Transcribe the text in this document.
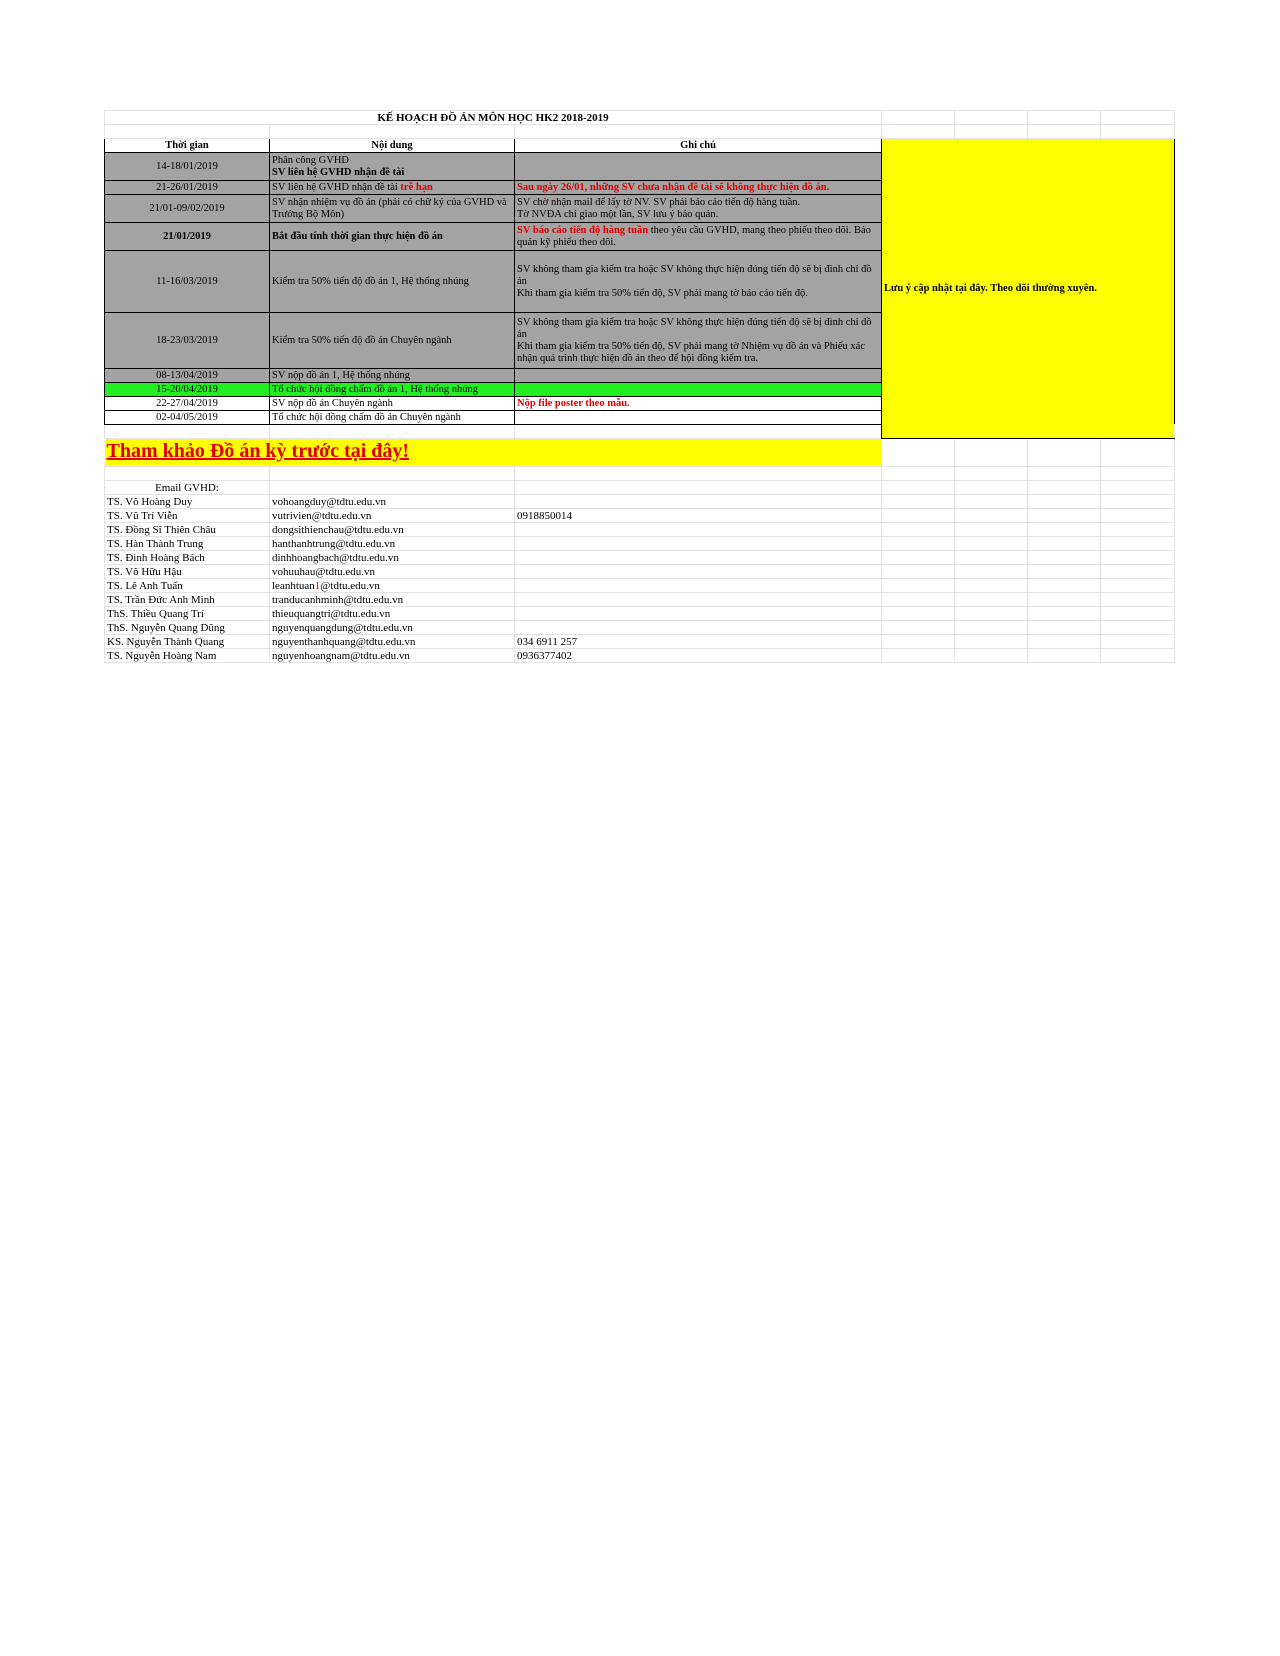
KẾ HOẠCH ĐỒ ÁN MÔN HỌC HK2 2018-2019							

Thời gian	Nội dung	Ghi chú	Lưu ý cập nhật tại đây. Theo dõi thường xuyên.				
14-18/01/2019	Phân công GVHD
SV liên hệ GVHD nhận đề tài						

21-26/01/2019	SV liên hệ GVHD nhận đề tài trễ hạn	Sau ngày 26/01, những SV chưa nhận đề tài sẽ không thực hiện đồ án.					
21/01-09/02/2019	SV nhận nhiệm vụ đồ án (phải có chữ ký của GVHD và Trưởng Bộ Môn)	SV chờ nhận mail để lấy tờ NV. SV phải báo cáo tiến độ hàng tuần.
Tờ NVĐA chỉ giao một lần, SV lưu ý bảo quản.					

21/01/2019	Bắt đầu tính thời gian thực hiện đồ án	SV báo cáo tiến độ hàng tuần theo yêu cầu GVHD, mang theo phiếu theo dõi. Bảo quản kỹ phiếu theo dõi.					
11-16/03/2019	Kiểm tra 50% tiến độ đồ án 1, Hệ thống nhúng	SV không tham gia kiểm tra hoặc SV không thực hiện đúng tiến độ sẽ bị đình chỉ đồ án
Khi tham gia kiểm tra 50% tiến độ, SV phải mang tờ báo cáo tiến độ.					

18-23/03/2019	Kiểm tra 50% tiến độ đồ án Chuyên ngành	SV không tham gia kiểm tra hoặc SV không thực hiện đúng tiến độ sẽ bị đình chỉ đồ án
Khi tham gia kiểm tra 50% tiến độ, SV phải mang tờ Nhiệm vụ đồ án và Phiếu xác nhận quá trình thực hiện đồ án theo để hội đồng kiểm tra.					

08-13/04/2019	SV nộp đồ án 1, Hệ thống nhúng						
15-20/04/2019	Tổ chức hội đồng chấm đồ án 1, Hệ thống nhúng						
22-27/04/2019	SV nộp đồ án Chuyên ngành	Nộp file poster theo mẫu.					
02-04/05/2019	Tổ chức hội đồng chấm đồ án Chuyên ngành						

Tham khảo Đồ án kỳ trước tại đây!							

Email GVHD:							
TS. Võ Hoàng Duy	vohoangduy@tdtu.edu.vn						
TS. Vũ Trí Viễn	vutrivien@tdtu.edu.vn	0918850014					
TS. Đồng Sĩ Thiên Châu	dongsithienchau@tdtu.edu.vn						
TS. Hàn Thành Trung	hanthanhtrung@tdtu.edu.vn						
TS. Đinh Hoàng Bách	dinhhoangbach@tdtu.edu.vn						
TS. Võ Hữu Hậu	vohuuhau@tdtu.edu.vn						
TS. Lê Anh Tuấn	leanhtuan1@tdtu.edu.vn						
TS. Trần Đức Anh Minh	tranducanhminh@tdtu.edu.vn						
ThS. Thiều Quang Trí	thieuquangtri@tdtu.edu.vn						
ThS. Nguyễn Quang Dũng	nguyenquangdung@tdtu.edu.vn						
KS. Nguyễn Thành Quang	nguyenthanhquang@tdtu.edu.vn	034 6911 257					
TS. Nguyễn Hoàng Nam	nguyenhoangnam@tdtu.edu.vn	0936377402					
